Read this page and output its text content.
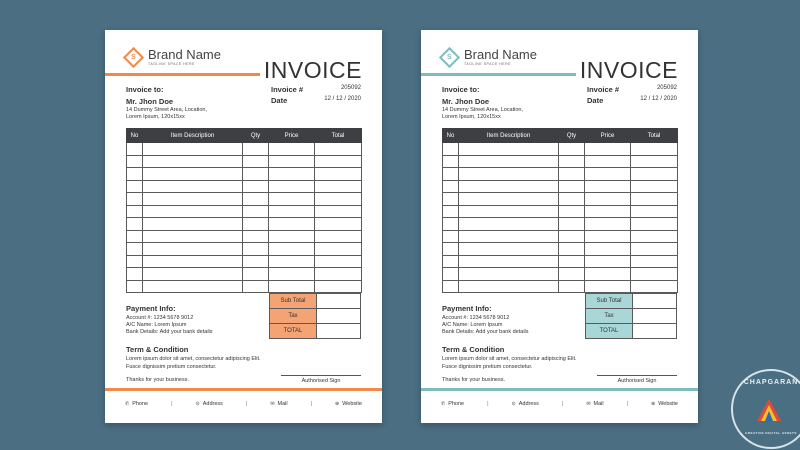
S Brand Name
TAGLINE SPACE HERE	INVOICE
Invoice to:
Mr. Jhon Doe
14 Dummy Street Area, Location,
Lorem Ipsum, 120x15xx
Invoice #	205092
Date	12 / 12 / 2020
No	Item Description	Qty	Price	Total

Sub Total	
Tax	
TOTAL	
Payment Info:
Account #: 1234 5678 9012
A/C Name: Lorem Ipsum
Bank Details: Add your bank details
Term & Condition
Lorem ipsum dolor sit amet, consectetur adipiscing Elit. Fusce dignissim pretium consectetur.
Thanks for your business.	Authorised Sign
✆ Phone	|	⊙ Address	|	✉ Mail	|	⊕ Website
S Brand Name
TAGLINE SPACE HERE	INVOICE
Invoice to:
Mr. Jhon Doe
14 Dummy Street Area, Location,
Lorem Ipsum, 120x15xx
Invoice #	205092
Date	12 / 12 / 2020
No	Item Description	Qty	Price	Total

Sub Total	
Tax	
TOTAL	
Payment Info:
Account #: 1234 5678 9012
A/C Name: Lorem Ipsum
Bank Details: Add your bank details
Term & Condition
Lorem ipsum dolor sit amet, consectetur adipiscing Elit. Fusce dignissim pretium consectetur.
Thanks for your business.	Authorised Sign
✆ Phone	|	⊙ Address	|	✉ Mail	|	⊕ Website
CHAPGARAN
CREATIVE DIGITAL ASSETS
